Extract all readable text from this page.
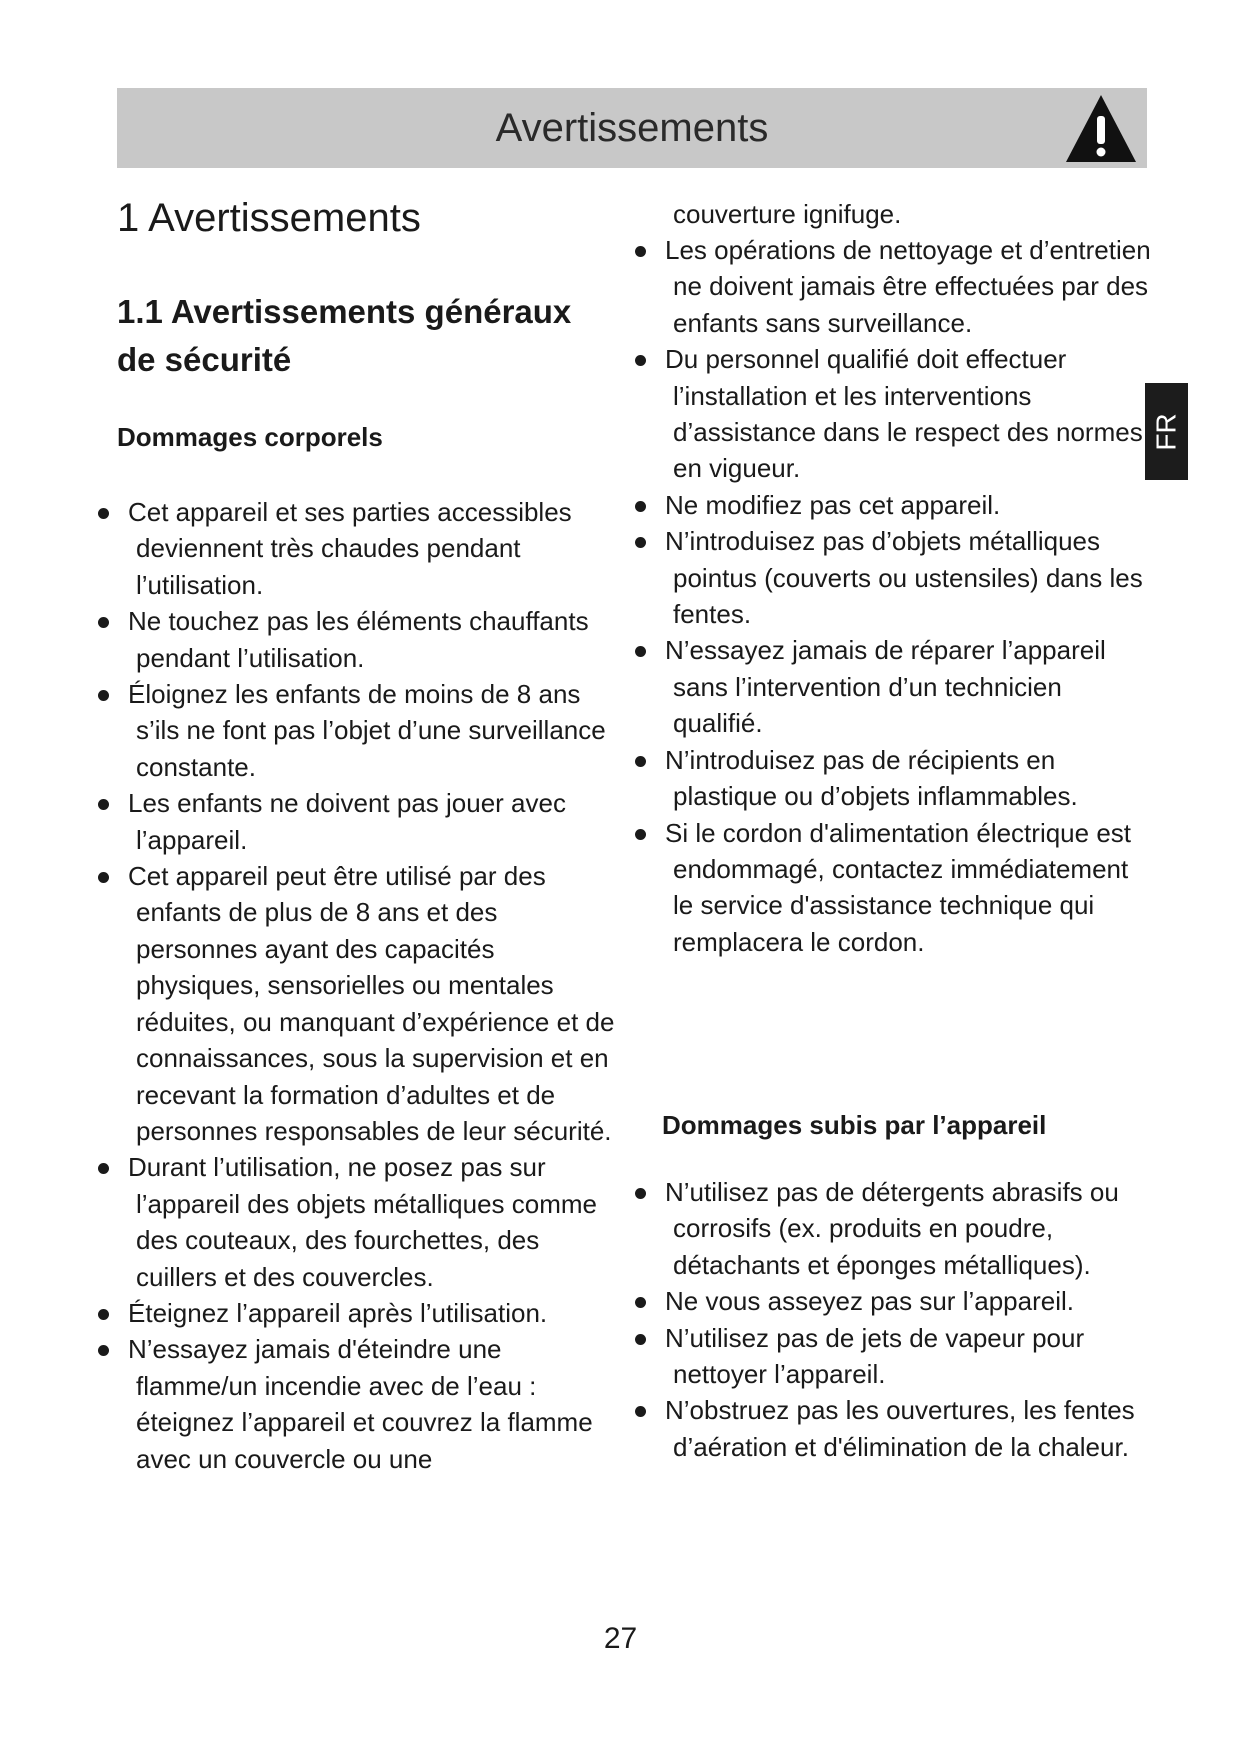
Avertissements
FR
1 Avertissements
1.1 Avertissements généraux de sécurité
Dommages corporels
Cet appareil et ses parties accessibles deviennent très chaudes pendant l’utilisation.
Ne touchez pas les éléments chauffants pendant l’utilisation.
Éloignez les enfants de moins de 8 ans s’ils ne font pas l’objet d’une surveillance constante.
Les enfants ne doivent pas jouer avec l’appareil.
Cet appareil peut être utilisé par des enfants de plus de 8 ans et des personnes ayant des capacités physiques, sensorielles ou mentales réduites, ou manquant d’expérience et de connaissances, sous la supervision et en recevant la formation d’adultes et de personnes responsables de leur sécurité.
Durant l’utilisation, ne posez pas sur l’appareil des objets métalliques comme des couteaux, des fourchettes, des cuillers et des couvercles.
Éteignez l’appareil après l’utilisation.
N’essayez jamais d'éteindre une flamme/un incendie avec de l’eau : éteignez l’appareil et couvrez la flamme avec un couvercle ou une
couverture ignifuge.
Les opérations de nettoyage et d’entretien ne doivent jamais être effectuées par des enfants sans surveillance.
Du personnel qualifié doit effectuer l’installation et les interventions d’assistance dans le respect des normes en vigueur.
Ne modifiez pas cet appareil.
N’introduisez pas d’objets métalliques pointus (couverts ou ustensiles) dans les fentes.
N’essayez jamais de réparer l’appareil sans l’intervention d’un technicien qualifié.
N’introduisez pas de récipients en plastique ou d’objets inflammables.
Si le cordon d'alimentation électrique est endommagé, contactez immédiatement le service d'assistance technique qui remplacera le cordon.
Dommages subis par l’appareil
N’utilisez pas de détergents abrasifs ou corrosifs (ex. produits en poudre, détachants et éponges métalliques).
Ne vous asseyez pas sur l’appareil.
N’utilisez pas de jets de vapeur pour nettoyer l’appareil.
N’obstruez pas les ouvertures, les fentes d’aération et d'élimination de la chaleur.
27
